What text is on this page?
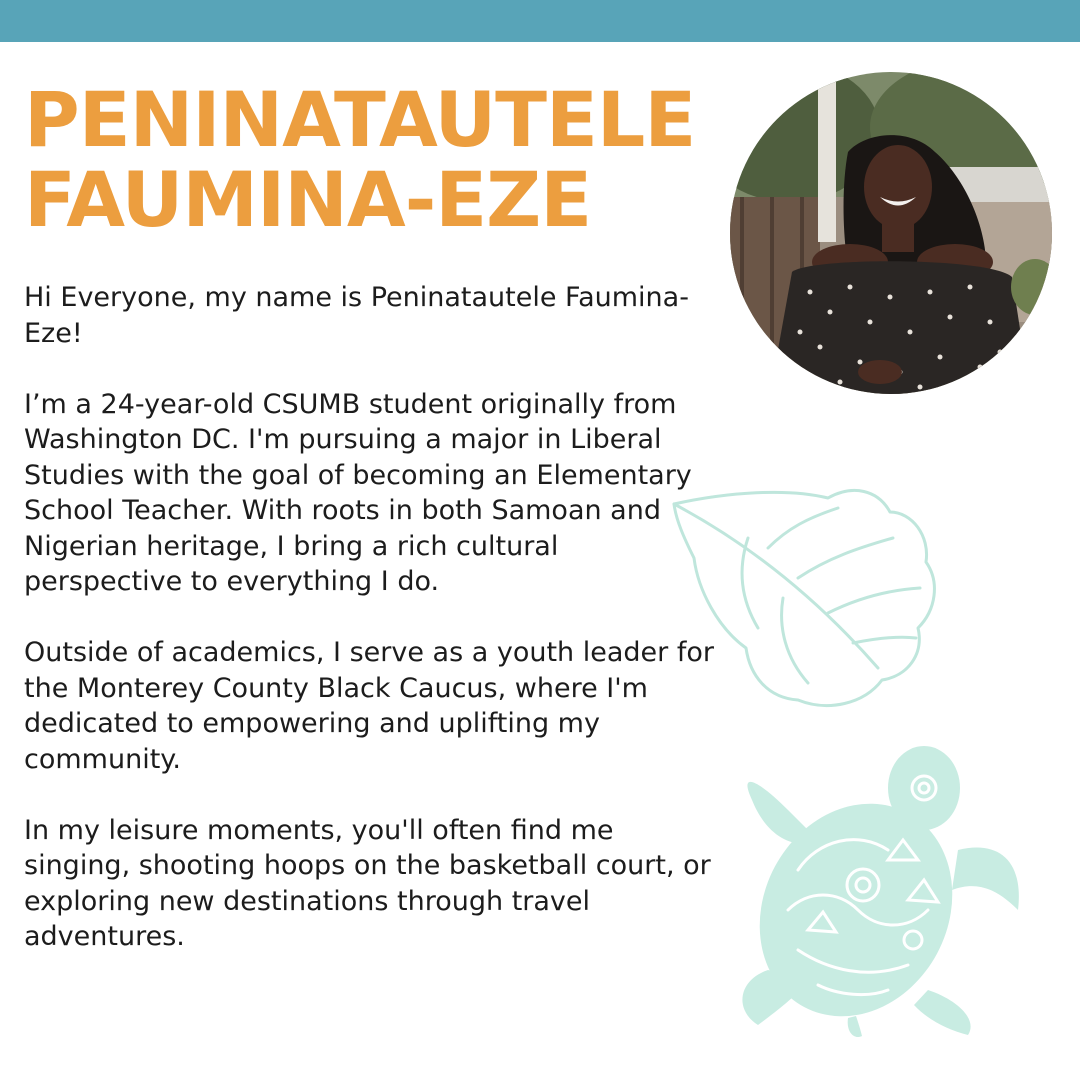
PENINATAUTELE
FAUMINA-EZE

Hi Everyone, my name is Peninatautele Faumina-Eze!

I’m a 24-year-old CSUMB student originally from Washington DC. I'm pursuing a major in Liberal Studies with the goal of becoming an Elementary School Teacher. With roots in both Samoan and Nigerian heritage, I bring a rich cultural perspective to everything I do.

Outside of academics, I serve as a youth leader for the Monterey County Black Caucus, where I'm dedicated to empowering and uplifting my community.

In my leisure moments, you'll often find me singing, shooting hoops on the basketball court, or exploring new destinations through travel adventures.
